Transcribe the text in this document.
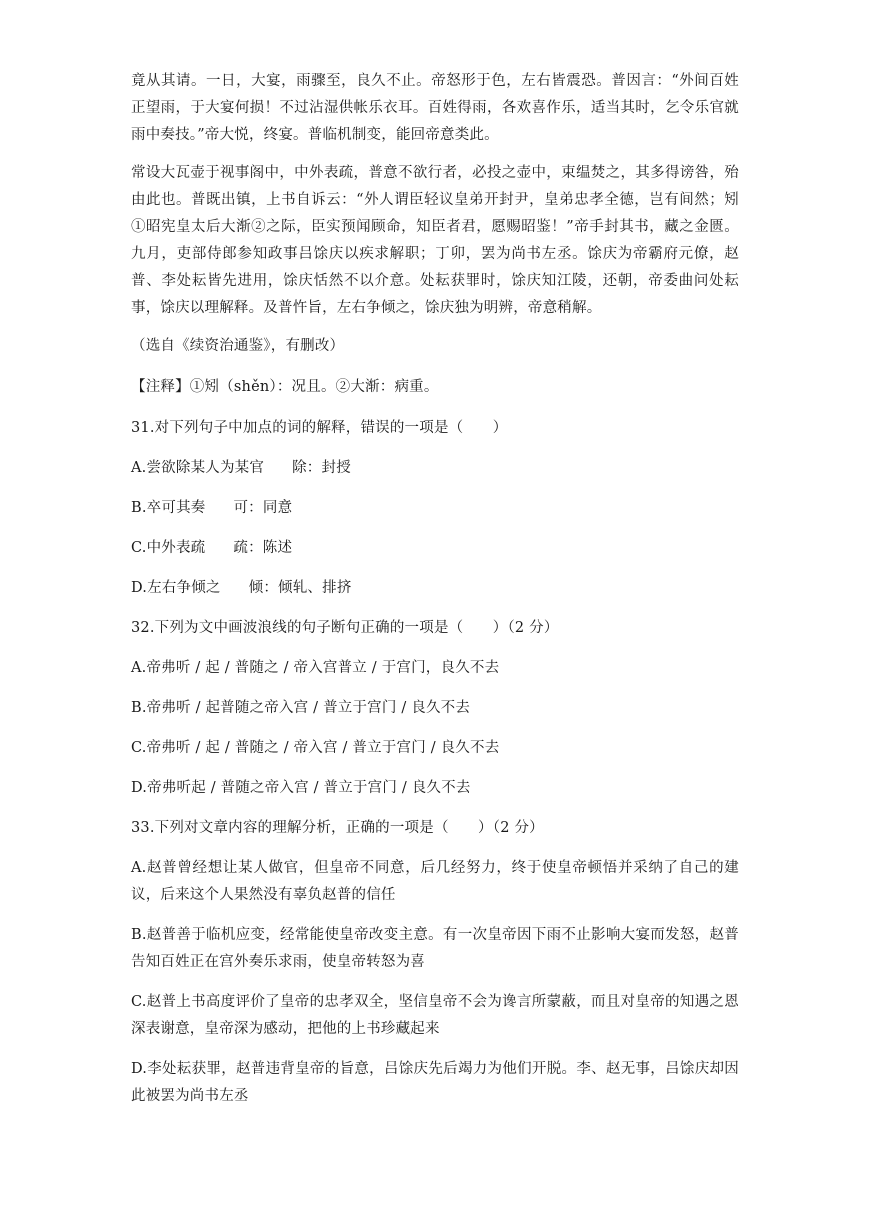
竟从其请。一日，大宴，雨骤至，良久不止。帝怒形于色，左右皆震恐。普因言：“外间百姓正望雨，于大宴何损！不过沾湿供帐乐衣耳。百姓得雨，各欢喜作乐，适当其时，乞令乐官就雨中奏技。”帝大悦，终宴。普临机制变，能回帝意类此。

常设大瓦壶于视事阁中，中外表疏，普意不欲行者，必投之壶中，束缊焚之，其多得谤咎，殆由此也。普既出镇，上书自诉云：“外人谓臣轻议皇弟开封尹，皇弟忠孝全德，岂有间然；矧①昭宪皇太后大渐②之际，臣实预闻顾命，知臣者君，愿赐昭鉴！”帝手封其书，藏之金匮。九月，吏部侍郎参知政事吕馀庆以疾求解职；丁卯，罢为尚书左丞。馀庆为帝霸府元僚，赵普、李处耘皆先进用，馀庆恬然不以介意。处耘获罪时，馀庆知江陵，还朝，帝委曲问处耘事，馀庆以理解释。及普忤旨，左右争倾之，馀庆独为明辨，帝意稍解。

（选自《续资治通鉴》，有删改）

【注释】①矧（shěn）：况且。②大渐：病重。

31.对下列句子中加点的词的解释，错误的一项是（　　）

A.尝欲除某人为某官 除：封授

B.卒可其奏 可：同意

C.中外表疏 疏：陈述

D.左右争倾之 倾：倾轧、排挤

32.下列为文中画波浪线的句子断句正确的一项是（　　）（2 分）

A.帝弗听 / 起 / 普随之 / 帝入宫普立 / 于宫门，良久不去

B.帝弗听 / 起普随之帝入宫 / 普立于宫门 / 良久不去

C.帝弗听 / 起 / 普随之 / 帝入宫 / 普立于宫门 / 良久不去

D.帝弗听起 / 普随之帝入宫 / 普立于宫门 / 良久不去

33.下列对文章内容的理解分析，正确的一项是（　　）（2 分）

A.赵普曾经想让某人做官，但皇帝不同意，后几经努力，终于使皇帝顿悟并采纳了自己的建议，后来这个人果然没有辜负赵普的信任

B.赵普善于临机应变，经常能使皇帝改变主意。有一次皇帝因下雨不止影响大宴而发怒，赵普告知百姓正在宫外奏乐求雨，使皇帝转怒为喜

C.赵普上书高度评价了皇帝的忠孝双全，坚信皇帝不会为谗言所蒙蔽，而且对皇帝的知遇之恩深表谢意，皇帝深为感动，把他的上书珍藏起来

D.李处耘获罪，赵普违背皇帝的旨意，吕馀庆先后竭力为他们开脱。李、赵无事，吕馀庆却因此被罢为尚书左丞
